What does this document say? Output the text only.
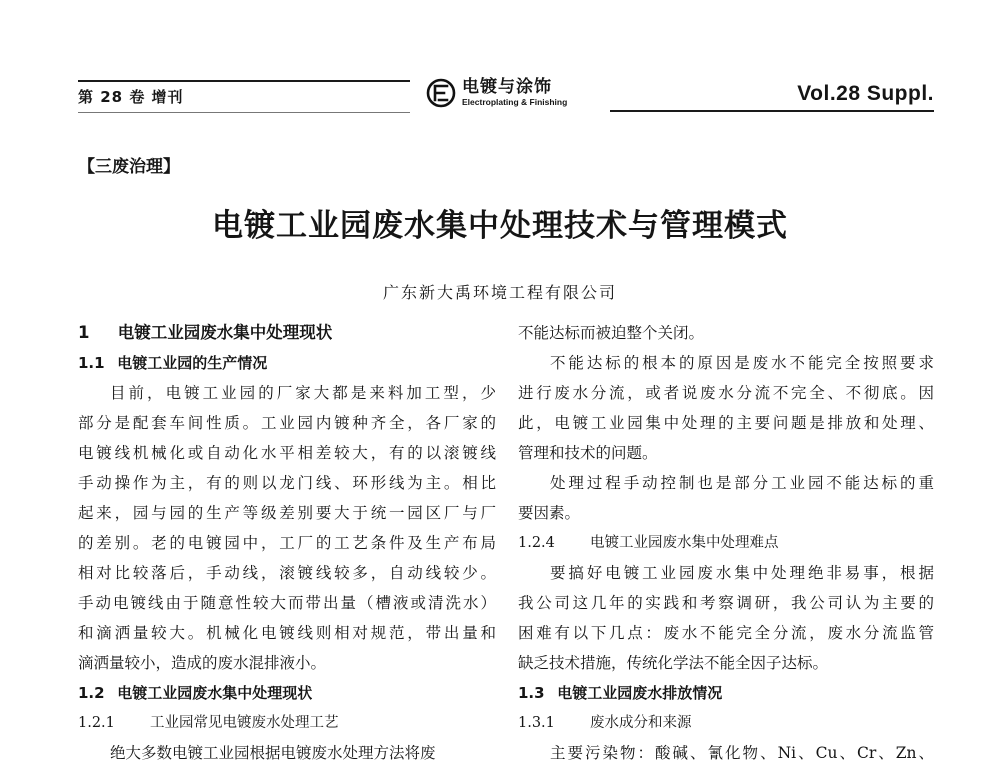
第 28 卷 增刊	电镀与涂饰
Electroplating & Finishing	Vol.28 Suppl.
【三废治理】
电镀工业园废水集中处理技术与管理模式
广东新大禹环境工程有限公司
1 电镀工业园废水集中处理现状
1.1 电镀工业园的生产情况
目前，电镀工业园的厂家大都是来料加工型，少
部分是配套车间性质。工业园内镀种齐全，各厂家的
电镀线机械化或自动化水平相差较大，有的以滚镀线
手动操作为主，有的则以龙门线、环形线为主。相比
起来，园与园的生产等级差别要大于统一园区厂与厂
的差别。老的电镀园中，工厂的工艺条件及生产布局
相对比较落后，手动线，滚镀线较多，自动线较少。
手动电镀线由于随意性较大而带出量（槽液或清洗水）
和滴洒量较大。机械化电镀线则相对规范，带出量和
滴洒量较小，造成的废水混排液小。
1.2 电镀工业园废水集中处理现状
1.2.1 工业园常见电镀废水处理工艺
绝大多数电镀工业园根据电镀废水处理方法将废
不能达标而被迫整个关闭。
不能达标的根本的原因是废水不能完全按照要求
进行废水分流，或者说废水分流不完全、不彻底。因
此，电镀工业园集中处理的主要问题是排放和处理、
管理和技术的问题。
处理过程手动控制也是部分工业园不能达标的重
要因素。
1.2.4 电镀工业园废水集中处理难点
要搞好电镀工业园废水集中处理绝非易事，根据
我公司这几年的实践和考察调研，我公司认为主要的
困难有以下几点：废水不能完全分流，废水分流监管
缺乏技术措施，传统化学法不能全因子达标。
1.3 电镀工业园废水排放情况
1.3.1 废水成分和来源
主要污染物：酸碱、氰化物、Ni、Cu、Cr、Zn、
